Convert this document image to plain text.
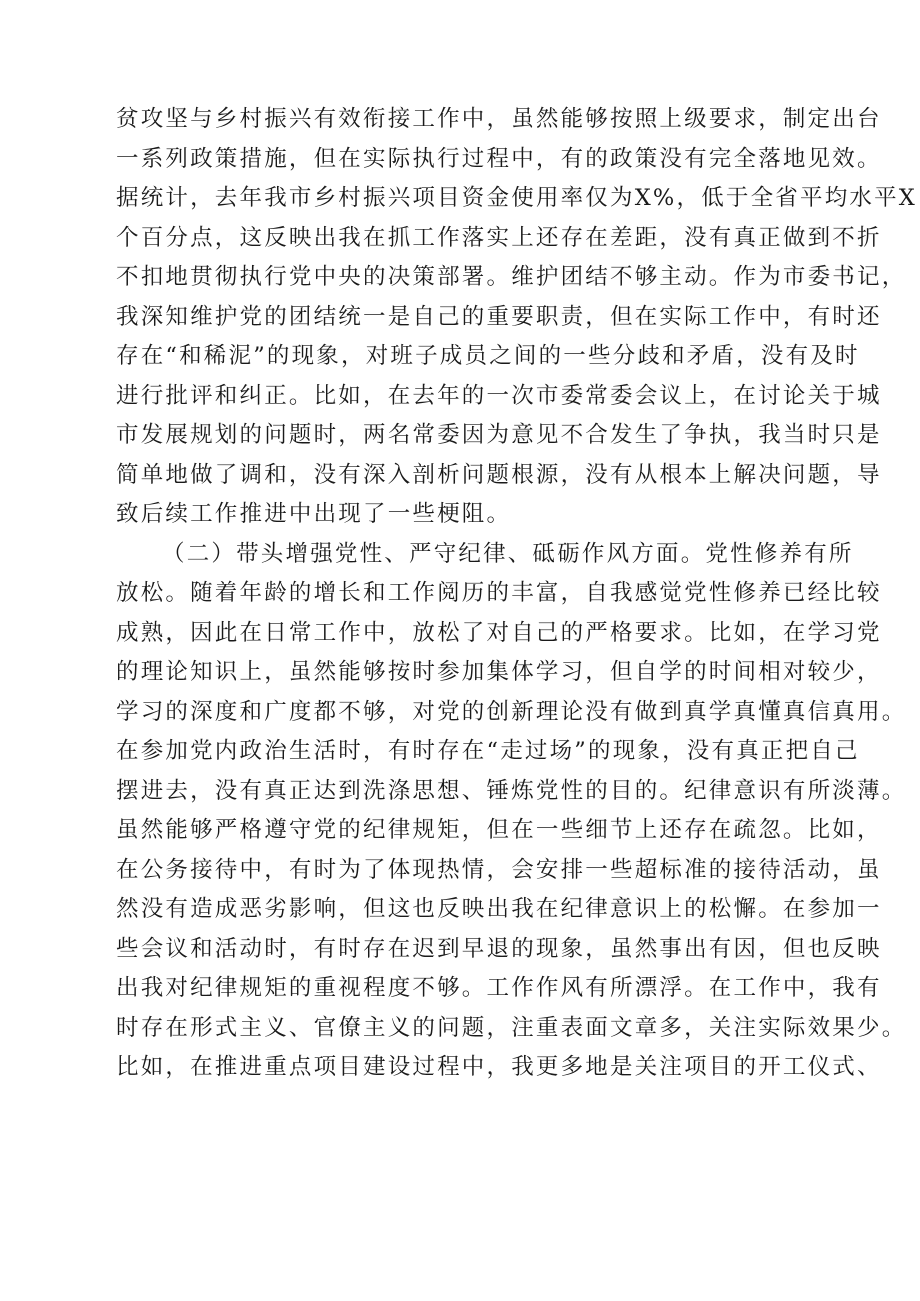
贫攻坚与乡村振兴有效衔接工作中，虽然能够按照上级要求，制定出台
一系列政策措施，但在实际执行过程中，有的政策没有完全落地见效。
据统计，去年我市乡村振兴项目资金使用率仅为X%，低于全省平均水平X
个百分点，这反映出我在抓工作落实上还存在差距，没有真正做到不折
不扣地贯彻执行党中央的决策部署。维护团结不够主动。作为市委书记，
我深知维护党的团结统一是自己的重要职责，但在实际工作中，有时还
存在“和稀泥”的现象，对班子成员之间的一些分歧和矛盾，没有及时
进行批评和纠正。比如，在去年的一次市委常委会议上，在讨论关于城
市发展规划的问题时，两名常委因为意见不合发生了争执，我当时只是
简单地做了调和，没有深入剖析问题根源，没有从根本上解决问题，导
致后续工作推进中出现了一些梗阻。
（二）带头增强党性、严守纪律、砥砺作风方面。党性修养有所
放松。随着年龄的增长和工作阅历的丰富，自我感觉党性修养已经比较
成熟，因此在日常工作中，放松了对自己的严格要求。比如，在学习党
的理论知识上，虽然能够按时参加集体学习，但自学的时间相对较少，
学习的深度和广度都不够，对党的创新理论没有做到真学真懂真信真用。
在参加党内政治生活时，有时存在“走过场”的现象，没有真正把自己
摆进去，没有真正达到洗涤思想、锤炼党性的目的。纪律意识有所淡薄。
虽然能够严格遵守党的纪律规矩，但在一些细节上还存在疏忽。比如，
在公务接待中，有时为了体现热情，会安排一些超标准的接待活动，虽
然没有造成恶劣影响，但这也反映出我在纪律意识上的松懈。在参加一
些会议和活动时，有时存在迟到早退的现象，虽然事出有因，但也反映
出我对纪律规矩的重视程度不够。工作作风有所漂浮。在工作中，我有
时存在形式主义、官僚主义的问题，注重表面文章多，关注实际效果少。
比如，在推进重点项目建设过程中，我更多地是关注项目的开工仪式、
